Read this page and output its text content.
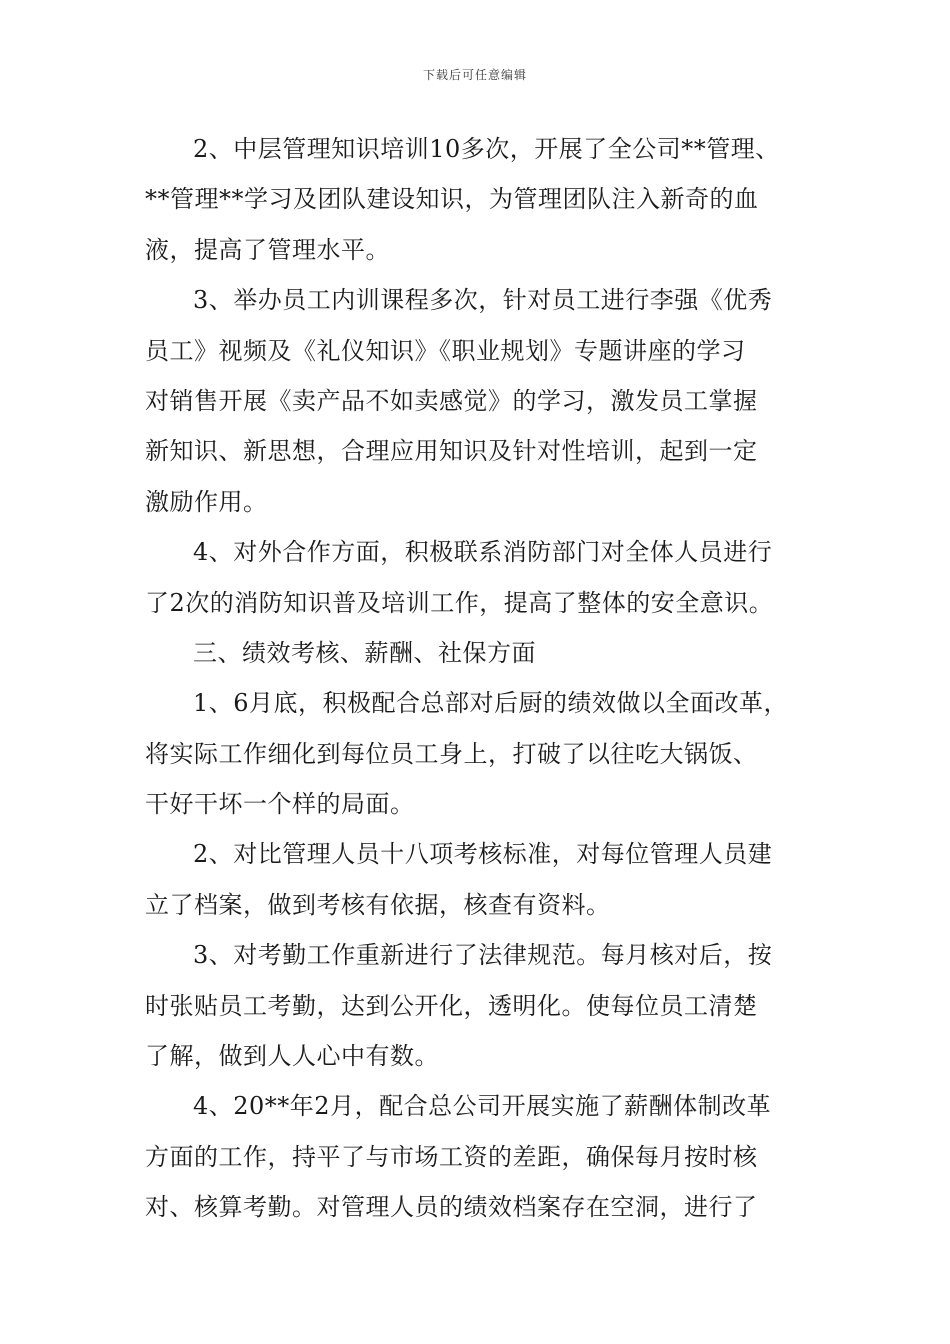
下载后可任意编辑
2、中层管理知识培训10多次，开展了全公司**管理、
**管理**学习及团队建设知识，为管理团队注入新奇的血
液，提高了管理水平。
3、举办员工内训课程多次，针对员工进行李强《优秀
员工》视频及《礼仪知识》《职业规划》专题讲座的学习
对销售开展《卖产品不如卖感觉》的学习，激发员工掌握
新知识、新思想，合理应用知识及针对性培训，起到一定
激励作用。
4、对外合作方面，积极联系消防部门对全体人员进行
了2次的消防知识普及培训工作，提高了整体的安全意识。
三、绩效考核、薪酬、社保方面
1、6月底，积极配合总部对后厨的绩效做以全面改革，
将实际工作细化到每位员工身上，打破了以往吃大锅饭、
干好干坏一个样的局面。
2、对比管理人员十八项考核标准，对每位管理人员建
立了档案，做到考核有依据，核查有资料。
3、对考勤工作重新进行了法律规范。每月核对后，按
时张贴员工考勤，达到公开化，透明化。使每位员工清楚
了解，做到人人心中有数。
4、20**年2月，配合总公司开展实施了薪酬体制改革
方面的工作，持平了与市场工资的差距，确保每月按时核
对、核算考勤。对管理人员的绩效档案存在空洞，进行了
